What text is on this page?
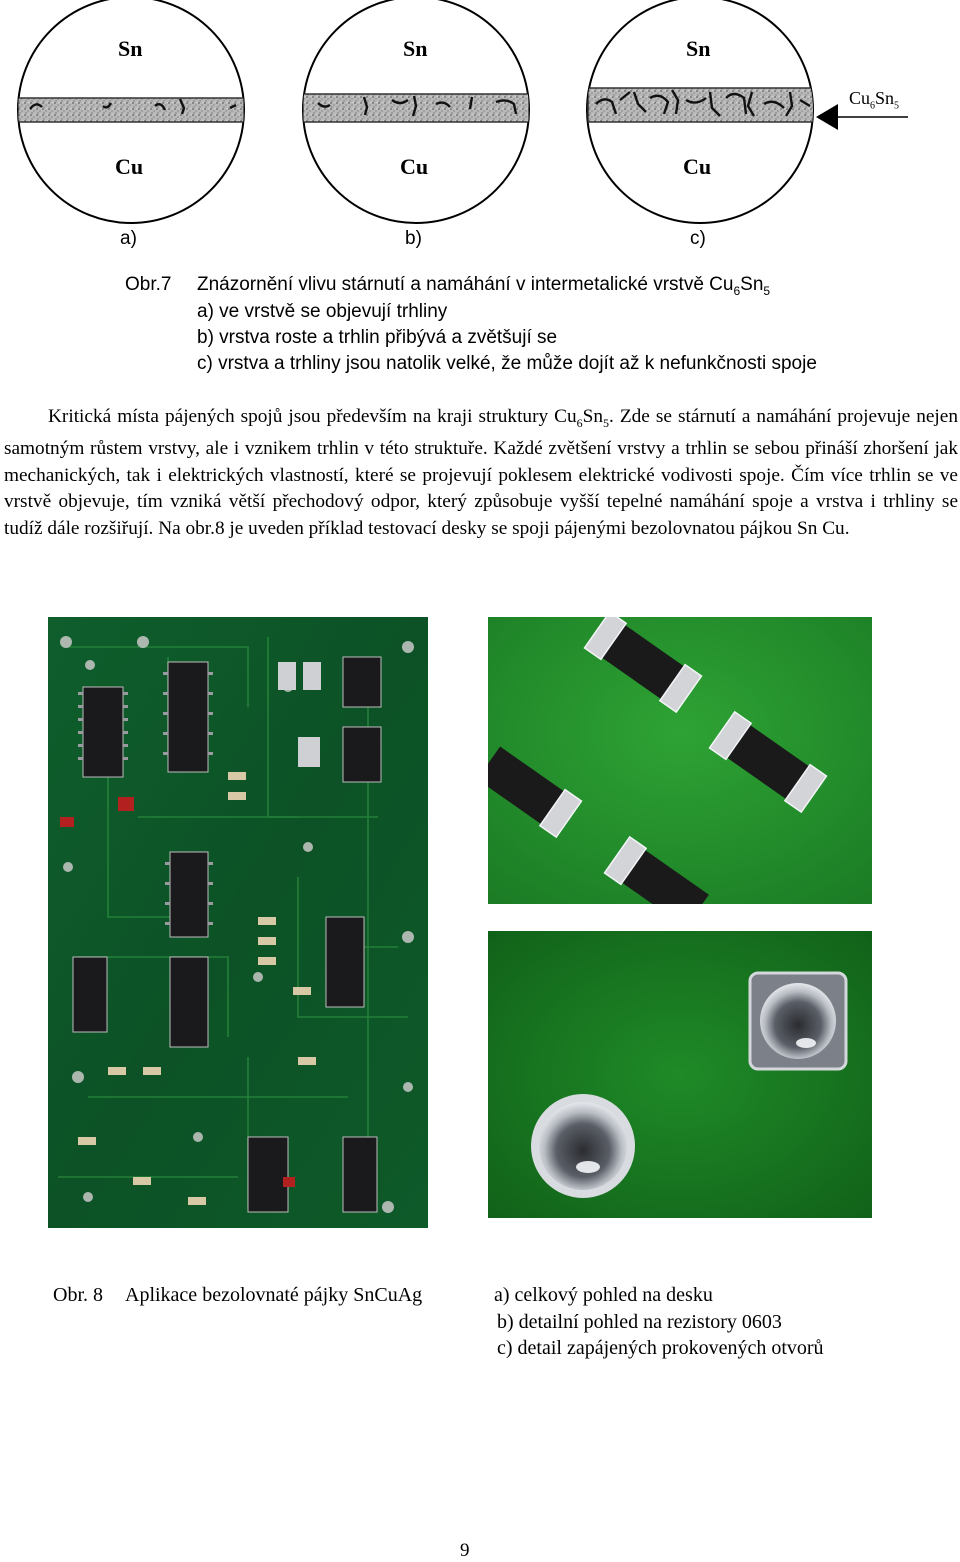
Sn
Cu
Sn
Cu
Sn
Cu
$Cu_6Sn_5$
a)	b)	c)
Obr.7 Znázornění vlivu stárnutí a namáhání v intermetalické vrstvě $Cu_6Sn_5$
a) ve vrstvě se objevují trhliny
b) vrstva roste a trhlin přibývá a zvětšují se
c) vrstva a trhliny jsou natolik velké, že může dojít až k nefunkčnosti spoje

Kritická místa pájených spojů jsou především na kraji struktury $Cu_6Sn_5$. Zde se stárnutí a namáhání projevuje nejen samotným růstem vrstvy, ale i vznikem trhlin v této struktuře. Každé zvětšení vrstvy a trhlin se sebou přináší zhoršení jak mechanických, tak i elektrických vlastností, které se projevují poklesem elektrické vodivosti spoje. Čím více trhlin se ve vrstvě objevuje, tím vzniká větší přechodový odpor, který způsobuje vyšší tepelné namáhání spoje a vrstva i trhliny se tudíž dále rozšiřují. Na obr.8 je uveden příklad testovací desky se spoji pájenými bezolovnatou pájkou Sn Cu.

Obr. 8 Aplikace bezolovnaté pájky SnCuAg	a) celkový pohled na desku
b) detailní pohled na rezistory 0603
c) detail zapájených prokovených otvorů
9
